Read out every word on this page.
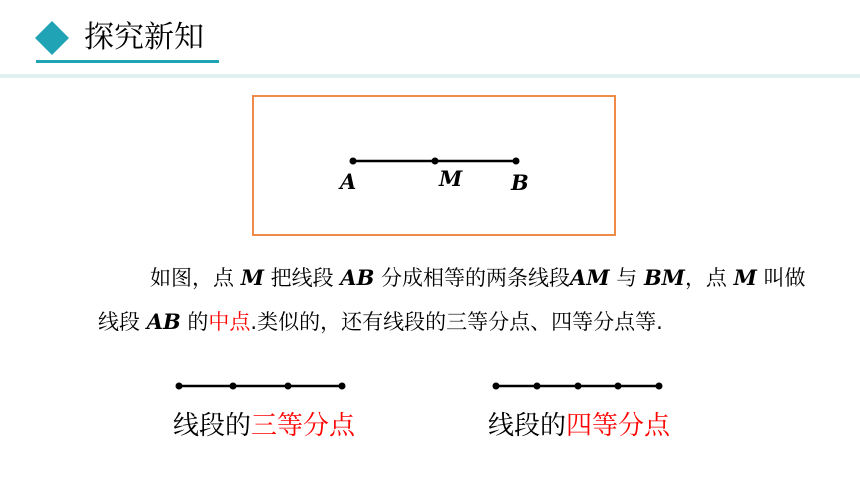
探究新知
A	M B
如图，点 M 把线段 AB 分成相等的两条线段AM 与 BM，点 M 叫做线段 AB 的中点.类似的，还有线段的三等分点、四等分点等.
线段的三等分点	线段的四等分点
